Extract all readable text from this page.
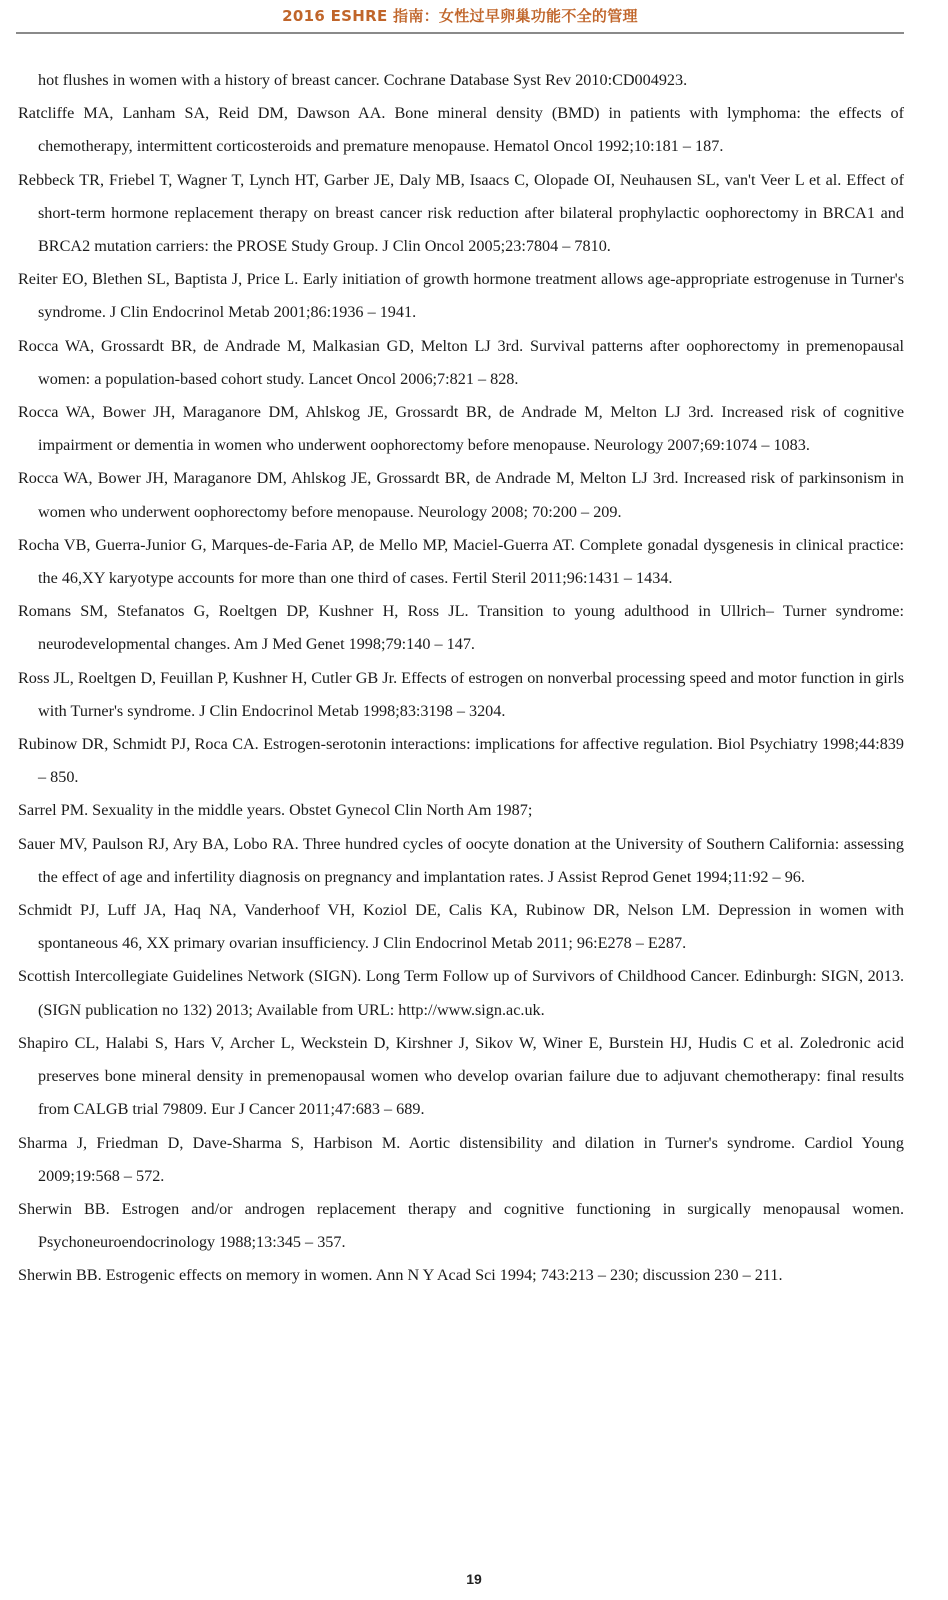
2016 ESHRE 指南：女性过早卵巢功能不全的管理
hot flushes in women with a history of breast cancer. Cochrane Database Syst Rev 2010:CD004923.
Ratcliffe MA, Lanham SA, Reid DM, Dawson AA. Bone mineral density (BMD) in patients with lymphoma: the effects of chemotherapy, intermittent corticosteroids and premature menopause. Hematol Oncol 1992;10:181 – 187.
Rebbeck TR, Friebel T, Wagner T, Lynch HT, Garber JE, Daly MB, Isaacs C, Olopade OI, Neuhausen SL, van't Veer L et al. Effect of short-term hormone replacement therapy on breast cancer risk reduction after bilateral prophylactic oophorectomy in BRCA1 and BRCA2 mutation carriers: the PROSE Study Group. J Clin Oncol 2005;23:7804 – 7810.
Reiter EO, Blethen SL, Baptista J, Price L. Early initiation of growth hormone treatment allows age-appropriate estrogenuse in Turner's syndrome. J Clin Endocrinol Metab 2001;86:1936 – 1941.
Rocca WA, Grossardt BR, de Andrade M, Malkasian GD, Melton LJ 3rd. Survival patterns after oophorectomy in premenopausal women: a population-based cohort study. Lancet Oncol 2006;7:821 – 828.
Rocca WA, Bower JH, Maraganore DM, Ahlskog JE, Grossardt BR, de Andrade M, Melton LJ 3rd. Increased risk of cognitive impairment or dementia in women who underwent oophorectomy before menopause. Neurology 2007;69:1074 – 1083.
Rocca WA, Bower JH, Maraganore DM, Ahlskog JE, Grossardt BR, de Andrade M, Melton LJ 3rd. Increased risk of parkinsonism in women who underwent oophorectomy before menopause. Neurology 2008; 70:200 – 209.
Rocha VB, Guerra-Junior G, Marques-de-Faria AP, de Mello MP, Maciel-Guerra AT. Complete gonadal dysgenesis in clinical practice: the 46,XY karyotype accounts for more than one third of cases. Fertil Steril 2011;96:1431 – 1434.
Romans SM, Stefanatos G, Roeltgen DP, Kushner H, Ross JL. Transition to young adulthood in Ullrich– Turner syndrome: neurodevelopmental changes. Am J Med Genet 1998;79:140 – 147.
Ross JL, Roeltgen D, Feuillan P, Kushner H, Cutler GB Jr. Effects of estrogen on nonverbal processing speed and motor function in girls with Turner's syndrome. J Clin Endocrinol Metab 1998;83:3198 – 3204.
Rubinow DR, Schmidt PJ, Roca CA. Estrogen-serotonin interactions: implications for affective regulation. Biol Psychiatry 1998;44:839 – 850.
Sarrel PM. Sexuality in the middle years. Obstet Gynecol Clin North Am 1987;
Sauer MV, Paulson RJ, Ary BA, Lobo RA. Three hundred cycles of oocyte donation at the University of Southern California: assessing the effect of age and infertility diagnosis on pregnancy and implantation rates. J Assist Reprod Genet 1994;11:92 – 96.
Schmidt PJ, Luff JA, Haq NA, Vanderhoof VH, Koziol DE, Calis KA, Rubinow DR, Nelson LM. Depression in women with spontaneous 46, XX primary ovarian insufficiency. J Clin Endocrinol Metab 2011; 96:E278 – E287.
Scottish Intercollegiate Guidelines Network (SIGN). Long Term Follow up of Survivors of Childhood Cancer. Edinburgh: SIGN, 2013. (SIGN publication no 132) 2013; Available from URL: http://www.sign.ac.uk.
Shapiro CL, Halabi S, Hars V, Archer L, Weckstein D, Kirshner J, Sikov W, Winer E, Burstein HJ, Hudis C et al. Zoledronic acid preserves bone mineral density in premenopausal women who develop ovarian failure due to adjuvant chemotherapy: final results from CALGB trial 79809. Eur J Cancer 2011;47:683 – 689.
Sharma J, Friedman D, Dave-Sharma S, Harbison M. Aortic distensibility and dilation in Turner's syndrome. Cardiol Young 2009;19:568 – 572.
Sherwin BB. Estrogen and/or androgen replacement therapy and cognitive functioning in surgically menopausal women. Psychoneuroendocrinology 1988;13:345 – 357.
Sherwin BB. Estrogenic effects on memory in women. Ann N Y Acad Sci 1994; 743:213 – 230; discussion 230 – 211.
19
